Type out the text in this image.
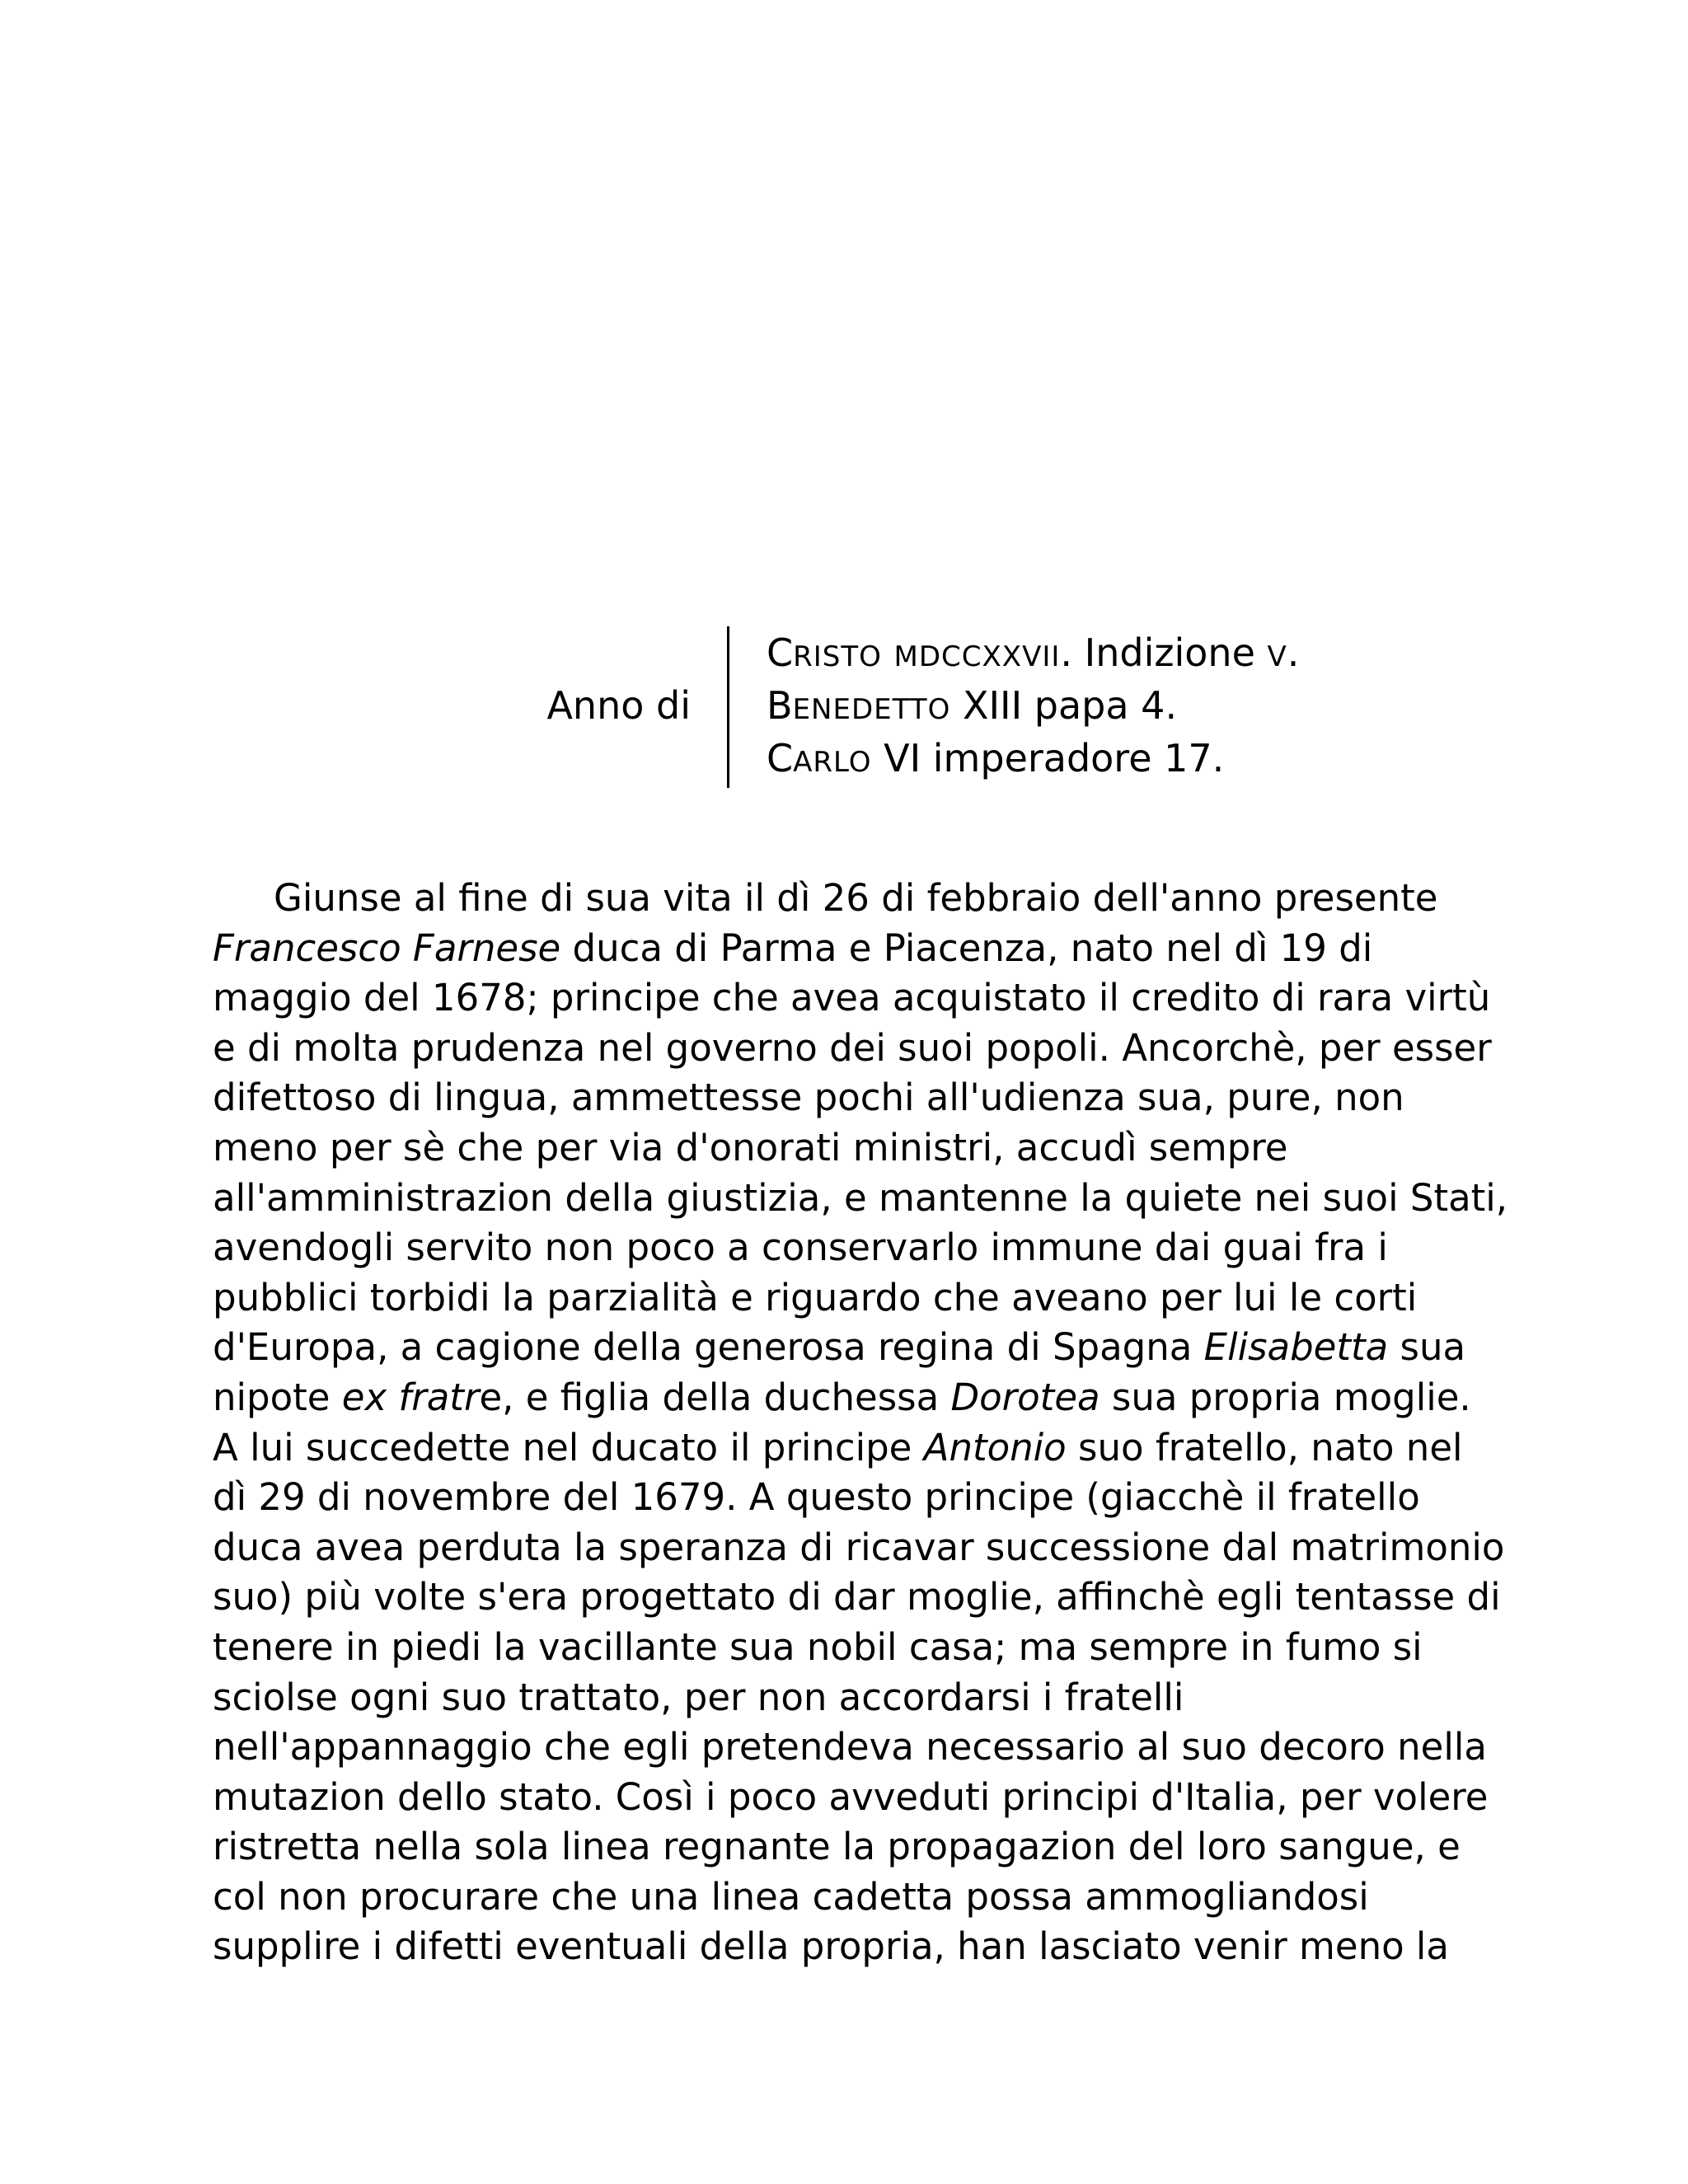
Anno di
CRISTO MDCCXXVII. Indizione V.
BENEDETTO XIII papa 4.
CARLO VI imperadore 17.
Giunse al fine di sua vita il dì 26 di febbraio dell'anno presente
Francesco Farnese duca di Parma e Piacenza, nato nel dì 19 di
maggio del 1678; principe che avea acquistato il credito di rara virtù
e di molta prudenza nel governo dei suoi popoli. Ancorchè, per esser
difettoso di lingua, ammettesse pochi all'udienza sua, pure, non
meno per sè che per via d'onorati ministri, accudì sempre
all'amministrazion della giustizia, e mantenne la quiete nei suoi Stati,
avendogli servito non poco a conservarlo immune dai guai fra i
pubblici torbidi la parzialità e riguardo che aveano per lui le corti
d'Europa, a cagione della generosa regina di Spagna Elisabetta sua
nipote ex fratre, e figlia della duchessa Dorotea sua propria moglie.
A lui succedette nel ducato il principe Antonio suo fratello, nato nel
dì 29 di novembre del 1679. A questo principe (giacchè il fratello
duca avea perduta la speranza di ricavar successione dal matrimonio
suo) più volte s'era progettato di dar moglie, affinchè egli tentasse di
tenere in piedi la vacillante sua nobil casa; ma sempre in fumo si
sciolse ogni suo trattato, per non accordarsi i fratelli
nell'appannaggio che egli pretendeva necessario al suo decoro nella
mutazion dello stato. Così i poco avveduti principi d'Italia, per volere
ristretta nella sola linea regnante la propagazion del loro sangue, e
col non procurare che una linea cadetta possa ammogliandosi
supplire i difetti eventuali della propria, han lasciato venir meno la
